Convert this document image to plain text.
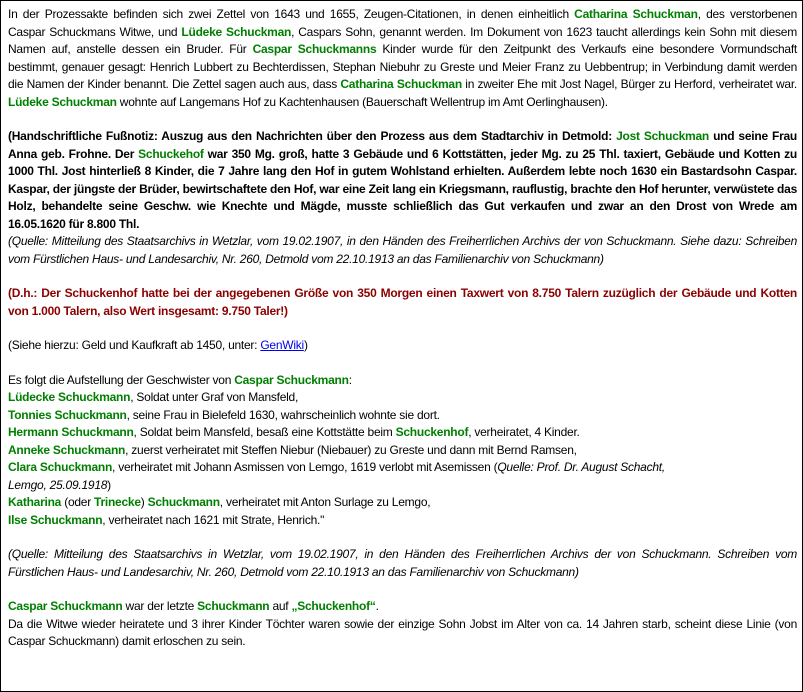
In der Prozessakte befinden sich zwei Zettel von 1643 und 1655, Zeugen-Citationen, in denen einheitlich Catharina Schuckman, des verstorbenen Caspar Schuckmans Witwe, und Lüdeke Schuckman, Caspars Sohn, genannt werden. Im Dokument von 1623 taucht allerdings kein Sohn mit diesem Namen auf, anstelle dessen ein Bruder. Für Caspar Schuckmanns Kinder wurde für den Zeitpunkt des Verkaufs eine besondere Vormundschaft bestimmt, genauer gesagt: Henrich Lubbert zu Bechterdissen, Stephan Niebuhr zu Greste und Meier Franz zu Uebbentrup; in Verbindung damit werden die Namen der Kinder benannt. Die Zettel sagen auch aus, dass Catharina Schuckman in zweiter Ehe mit Jost Nagel, Bürger zu Herford, verheiratet war. Lüdeke Schuckman wohnte auf Langemans Hof zu Kachtenhausen (Bauerschaft Wellentrup im Amt Oerlinghausen).

(Handschriftliche Fußnotiz: Auszug aus den Nachrichten über den Prozess aus dem Stadtarchiv in Detmold: Jost Schuckman und seine Frau Anna geb. Frohne. Der Schuckehof war 350 Mg. groß, hatte 3 Gebäude und 6 Kottstätten, jeder Mg. zu 25 Thl. taxiert, Gebäude und Kotten zu 1000 Thl. Jost hinterließ 8 Kinder, die 7 Jahre lang den Hof in gutem Wohlstand erhielten. Außerdem lebte noch 1630 ein Bastardsohn Caspar. Kaspar, der jüngste der Brüder, bewirtschaftete den Hof, war eine Zeit lang ein Kriegsmann, rauflustig, brachte den Hof herunter, verwüstete das Holz, behandelte seine Geschw. wie Knechte und Mägde, musste schließlich das Gut verkaufen und zwar an den Drost von Wrede am 16.05.1620 für 8.800 Thl.

(Quelle: Mitteilung des Staatsarchivs in Wetzlar, vom 19.02.1907, in den Händen des Freiherrlichen Archivs der von Schuckmann. Siehe dazu: Schreiben vom Fürstlichen Haus- und Landesarchiv, Nr. 260, Detmold vom 22.10.1913 an das Familienarchiv von Schuckmann)

(D.h.: Der Schuckenhof hatte bei der angegebenen Größe von 350 Morgen einen Taxwert von 8.750 Talern zuzüglich der Gebäude und Kotten von 1.000 Talern, also Wert insgesamt: 9.750 Taler!)

(Siehe hierzu: Geld und Kaufkraft ab 1450, unter: GenWiki)

Es folgt die Aufstellung der Geschwister von Caspar Schuckmann:

Lüdecke Schuckmann, Soldat unter Graf von Mansfeld,

Tonnies Schuckmann, seine Frau in Bielefeld 1630, wahrscheinlich wohnte sie dort.

Hermann Schuckmann, Soldat beim Mansfeld, besaß eine Kottstätte beim Schuckenhof, verheiratet, 4 Kinder.

Anneke Schuckmann, zuerst verheiratet mit Steffen Niebur (Niebauer) zu Greste und dann mit Bernd Ramsen,

Clara Schuckmann, verheiratet mit Johann Asmissen von Lemgo, 1619 verlobt mit Asemissen (Quelle: Prof. Dr. August Schacht,

Lemgo, 25.09.1918)

Katharina (oder Trinecke) Schuckmann, verheiratet mit Anton Surlage zu Lemgo,

Ilse Schuckmann, verheiratet nach 1621 mit Strate, Henrich."

(Quelle: Mitteilung des Staatsarchivs in Wetzlar, vom 19.02.1907, in den Händen des Freiherrlichen Archivs der von Schuckmann. Schreiben vom Fürstlichen Haus- und Landesarchiv, Nr. 260, Detmold vom 22.10.1913 an das Familienarchiv von Schuckmann)

Caspar Schuckmann war der letzte Schuckmann auf „Schuckenhof“.

Da die Witwe wieder heiratete und 3 ihrer Kinder Töchter waren sowie der einzige Sohn Jobst im Alter von ca. 14 Jahren starb, scheint diese Linie (von Caspar Schuckmann) damit erloschen zu sein.
